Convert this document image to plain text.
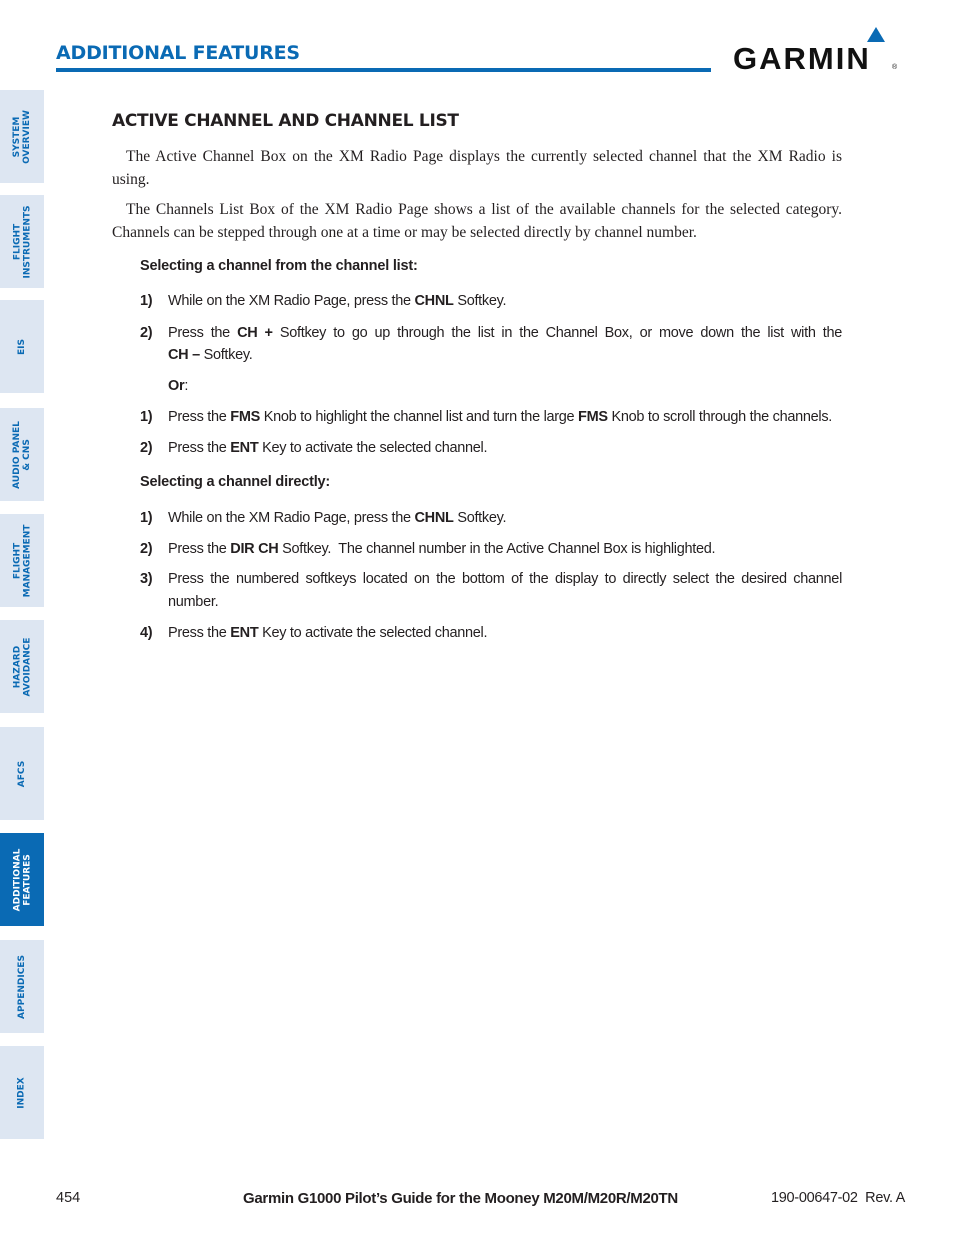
ADDITIONAL FEATURES	GARMIN	®
SYSTEM
OVERVIEW
FLIGHT
INSTRUMENTS
EIS
AUDIO PANEL
& CNS
FLIGHT
MANAGEMENT
HAZARD
AVOIDANCE
AFCS
ADDITIONAL
FEATURES
APPENDICES
INDEX
ACTIVE CHANNEL AND CHANNEL LIST
The Active Channel Box on the XM Radio Page displays the currently selected channel that the XM Radio is using.
The Channels List Box of the XM Radio Page shows a list of the available channels for the selected category. Channels can be stepped through one at a time or may be selected directly by channel number.
Selecting a channel from the channel list:
1) While on the XM Radio Page, press the CHNL Softkey.
2) Press the CH + Softkey to go up through the list in the Channel Box, or move down the list with the
CH – Softkey.
Or:
1) Press the FMS Knob to highlight the channel list and turn the large FMS Knob to scroll through the channels.
2) Press the ENT Key to activate the selected channel.
Selecting a channel directly:
1) While on the XM Radio Page, press the CHNL Softkey.
2) Press the DIR CH Softkey.  The channel number in the Active Channel Box is highlighted.
3) Press the numbered softkeys located on the bottom of the display to directly select the desired channel
number.
4) Press the ENT Key to activate the selected channel.
454	Garmin G1000 Pilot’s Guide for the Mooney M20M/M20R/M20TN	190-00647-02  Rev. A
